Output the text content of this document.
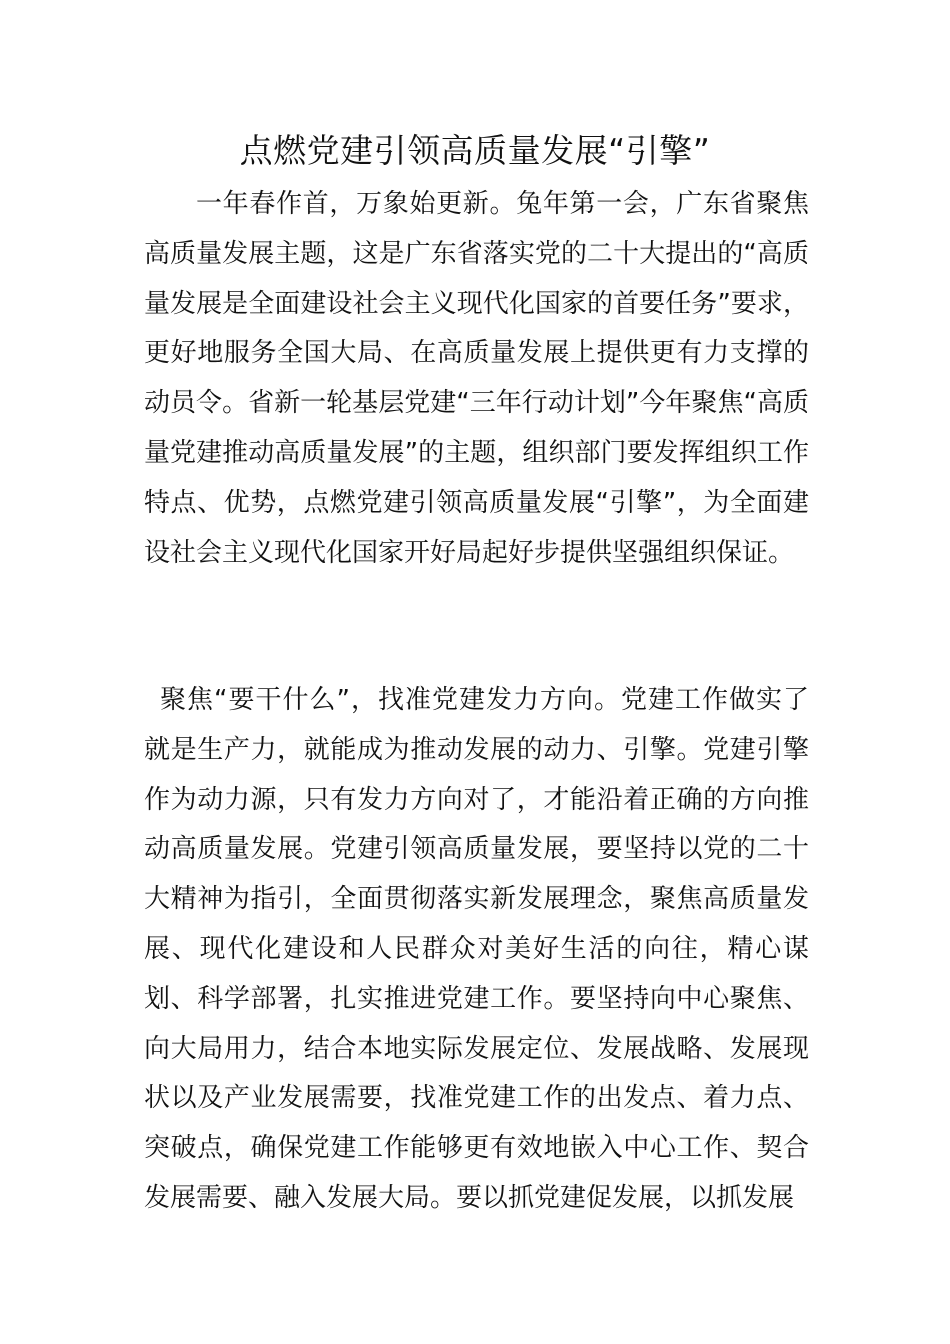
点燃党建引领高质量发展“引擎”

一年春作首，万象始更新。兔年第一会，广东省聚焦高质量发展主题，这是广东省落实党的二十大提出的“高质量发展是全面建设社会主义现代化国家的首要任务”要求，更好地服务全国大局、在高质量发展上提供更有力支撑的动员令。省新一轮基层党建“三年行动计划”今年聚焦“高质量党建推动高质量发展”的主题，组织部门要发挥组织工作特点、优势，点燃党建引领高质量发展“引擎”，为全面建设社会主义现代化国家开好局起好步提供坚强组织保证。

聚焦“要干什么”，找准党建发力方向。党建工作做实了就是生产力，就能成为推动发展的动力、引擎。党建引擎作为动力源，只有发力方向对了，才能沿着正确的方向推动高质量发展。党建引领高质量发展，要坚持以党的二十大精神为指引，全面贯彻落实新发展理念，聚焦高质量发展、现代化建设和人民群众对美好生活的向往，精心谋划、科学部署，扎实推进党建工作。要坚持向中心聚焦、向大局用力，结合本地实际发展定位、发展战略、发展现状以及产业发展需要，找准党建工作的出发点、着力点、突破点，确保党建工作能够更有效地嵌入中心工作、契合发展需要、融入发展大局。要以抓党建促发展，以抓发展
